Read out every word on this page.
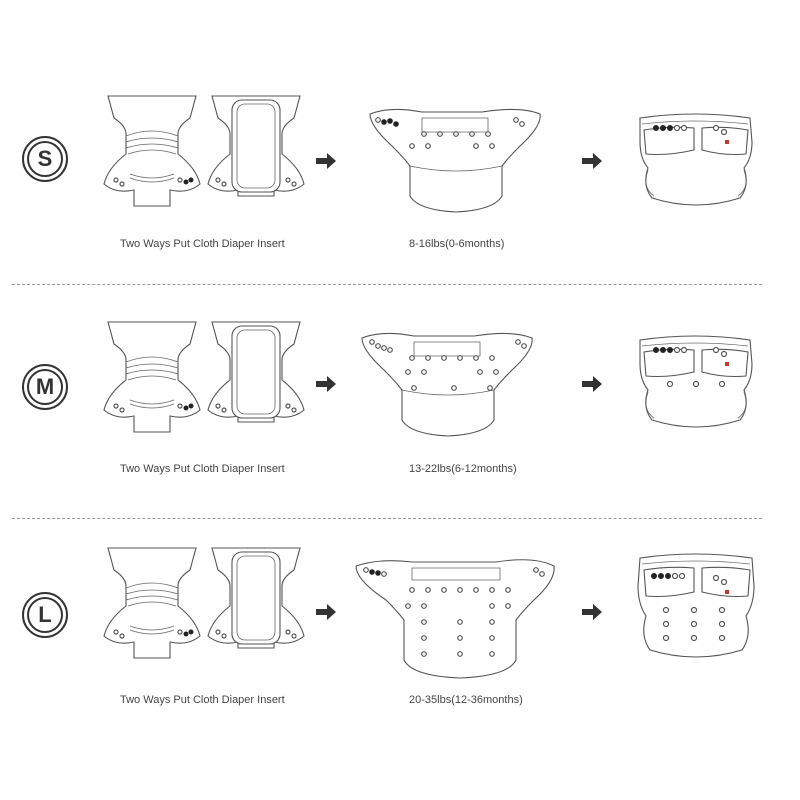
S
Two Ways Put Cloth Diaper Insert	8-16lbs(0-6months)
M
Two Ways Put Cloth Diaper Insert	13-22lbs(6-12months)
L
Two Ways Put Cloth Diaper Insert	20-35lbs(12-36months)
